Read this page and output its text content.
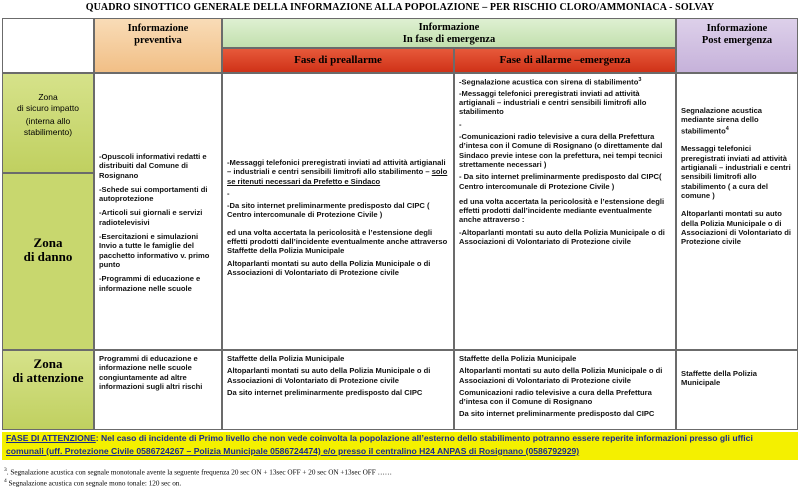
QUADRO SINOTTICO GENERALE DELLA INFORMAZIONE ALLA POPOLAZIONE – PER RISCHIO CLORO/AMMONIACA - SOLVAY
Informazione
preventiva
Informazione
In fase di emergenza
Informazione
Post emergenza
Fase di preallarme	Fase di allarme –emergenza
Zona
di sicuro impatto
(interna allo stabilimento)
Zona
di danno
Zona
di attenzione

-Opuscoli informativi redatti e distribuiti dal Comune di Rosignano

-Schede sui comportamenti di autoprotezione

-Articoli sui giornali e servizi radiotelevisivi

-Esercitazioni e simulazioni Invio a tutte le famiglie del pacchetto informativo v. primo punto

-Programmi di educazione e informazione nelle scuole

Programmi di educazione e informazione nelle scuole congiuntamente ad altre informazioni sugli altri rischi

-Messaggi telefonici preregistrati inviati ad attività artigianali – industriali e centri sensibili limitrofi allo stabilimento – solo se ritenuti necessari da Prefetto e Sindaco

-

-Da sito internet preliminarmente predisposto dal CIPC ( Centro intercomunale di Protezione Civile )

ed una volta accertata la pericolosità e l’estensione degli effetti prodotti dall’incidente eventualmente anche attraverso Staffette della Polizia Municipale

Altoparlanti montati su auto della Polizia Municipale o di Associazioni di Volontariato di Protezione civile

Staffette della Polizia Municipale

Altoparlanti montati su auto della Polizia Municipale o di Associazioni di Volontariato di Protezione civile

Da sito internet preliminarmente predisposto dal CIPC

-Segnalazione acustica con sirena di stabilimento$^3$

-Messaggi telefonici preregistrati inviati ad attività artigianali – industriali e centri sensibili limitrofi allo stabilimento

-

-Comunicazioni radio televisive a cura della Prefettura d’intesa con il Comune di Rosignano (o direttamente dal Sindaco previe intese con la prefettura, nei tempi tecnici strettamente necessari )

- Da sito internet preliminarmente predisposto dal CIPC( Centro intercomunale di Protezione Civile )

ed una volta accertata la pericolosità e l’estensione degli effetti prodotti dall’incidente mediante eventualmente anche attraverso :

-Altoparlanti montati su auto della Polizia Municipale o di Associazioni di Volontariato di Protezione civile

Staffette della Polizia Municipale

Altoparlanti montati su auto della Polizia Municipale o di Associazioni di Volontariato di Protezione civile

Comunicazioni radio televisive a cura della Prefettura d’intesa con il Comune di Rosignano

Da sito internet preliminarmente predisposto dal CIPC

Segnalazione acustica mediante sirena dello stabilimento$^4$

Messaggi telefonici preregistrati inviati ad attività artigianali – industriali e centri sensibili limitrofi allo stabilimento ( a cura del comune )

Altoparlanti montati su auto della Polizia Municipale o di Associazioni di Volontariato di Protezione civile

Staffette della Polizia Municipale

FASE DI ATTENZIONE: Nel caso di incidente di Primo livello che non vede coinvolta la popolazione all’esterno dello stabilimento potranno essere reperite informazioni presso gli uffici
comunali (uff. Protezione Civile 0586724267 – Polizia Municipale 0586724474) e/o presso il centralino H24 ANPAS di Rosignano (0586792929)
$^3$. Segnalazione acustica con segnale monotonale avente la seguente frequenza 20 sec ON + 13sec OFF + 20 sec ON +13sec OFF ……
$^4$ Segnalazione acustica con segnale mono tonale: 120 sec on.
